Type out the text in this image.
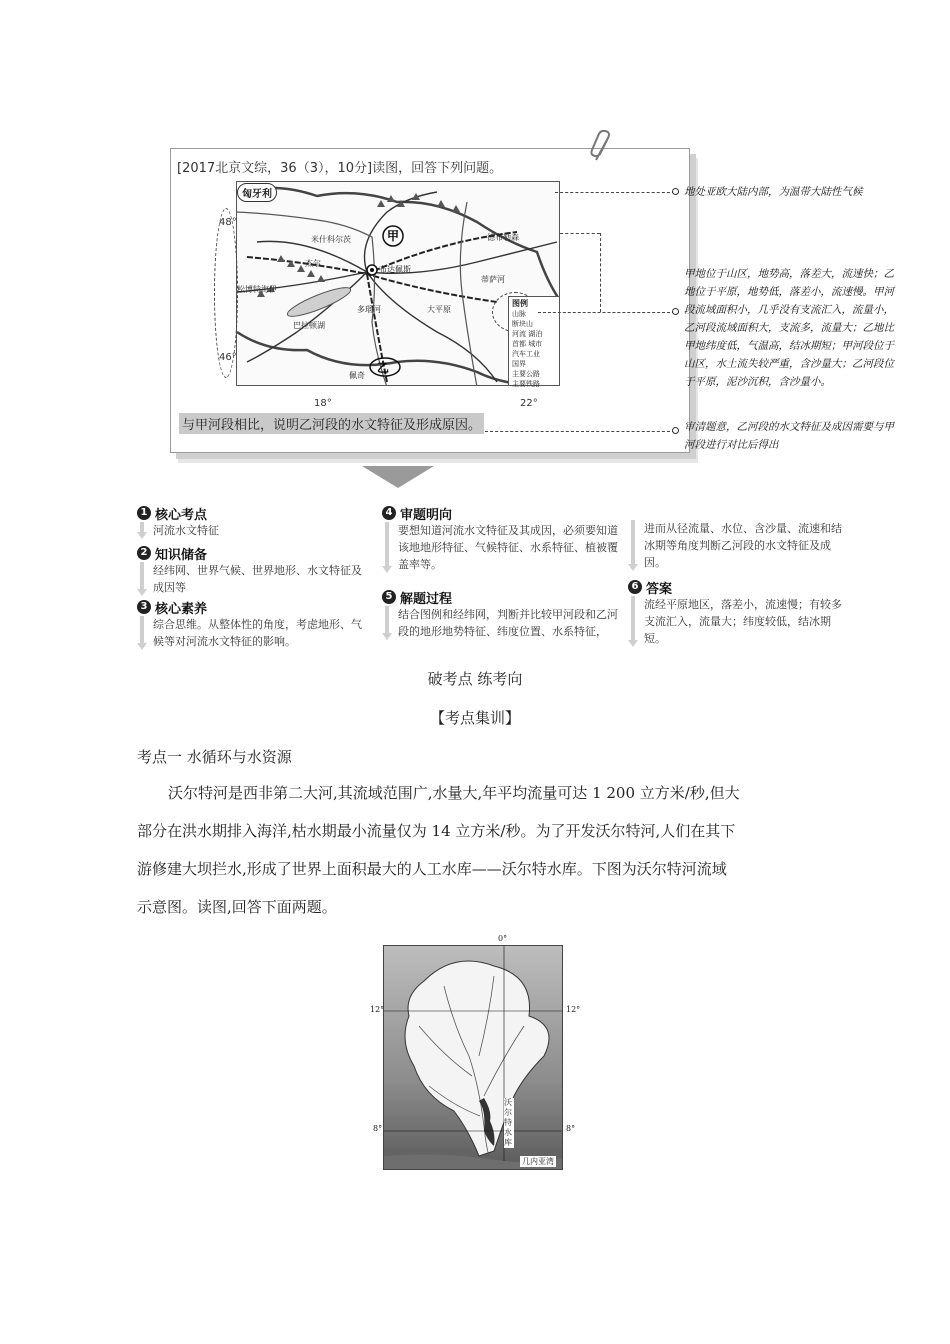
[2017北京文综，36（3），10分]读图，回答下列问题。
与甲河段相比，说明乙河段的水文特征及形成原因。
布达佩斯
米什科尔茨
杰尔
松博特海伊
巴拉顿湖
多瑙河
蒂萨河
德布勒森
大平原
佩奇
甲
乙
匈牙利
48°
46°
18°	22°
图例
山脉
断块山
河流 湖泊
首都 城市
汽车工业
国界
主要公路
主要铁路
地处亚欧大陆内部，为温带大陆性气候
甲地位于山区，地势高，落差大，流速快；乙地位于平原，地势低，落差小，流速慢。甲河段流域面积小，几乎没有支流汇入，流量小，乙河段流域面积大，支流多，流量大；乙地比甲地纬度低，气温高，结冰期短；甲河段位于山区，水土流失较严重，含沙量大；乙河段位于平原，泥沙沉积，含沙量小。
审清题意，乙河段的水文特征及成因需要与甲河段进行对比后得出
1 核心考点
河流水文特征
2 知识储备
经纬网、世界气候、世界地形、水文特征及成因等
3 核心素养
综合思维。从整体性的角度，考虑地形、气候等对河流水文特征的影响。
4 审题明向
要想知道河流水文特征及其成因，必须要知道该地地形特征、气候特征、水系特征、植被覆盖率等。
5 解题过程
结合图例和经纬网，判断并比较甲河段和乙河段的地形地势特征、纬度位置、水系特征，
进而从径流量、水位、含沙量、流速和结冰期等角度判断乙河段的水文特征及成因。
6 答案
流经平原地区，落差小，流速慢；有较多支流汇入，流量大；纬度较低，结冰期短。
破考点 练考向
【考点集训】
考点一 水循环与水资源
沃尔特河是西非第二大河,其流域范围广,水量大,年平均流量可达 1 200 立方米/秒,但大
部分在洪水期排入海洋,枯水期最小流量仅为 14 立方米/秒。为了开发沃尔特河,人们在其下
游修建大坝拦水,形成了世界上面积最大的人工水库——沃尔特水库。下图为沃尔特河流域
示意图。读图,回答下面两题。
沃尔特水库
几内亚湾
0°
12°	12°
8°	8°
